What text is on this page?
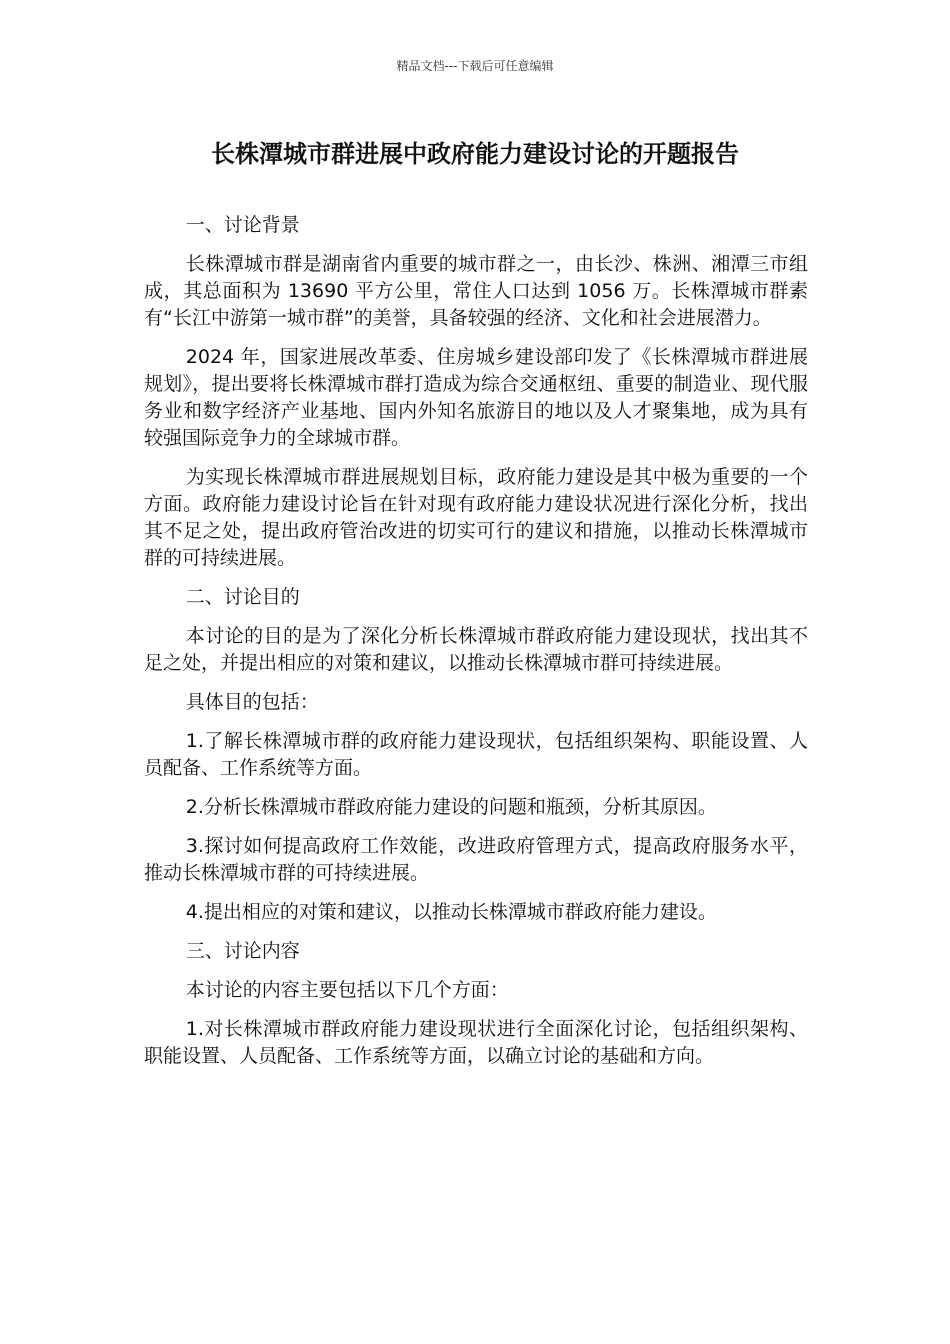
精品文档---下载后可任意编辑
长株潭城市群进展中政府能力建设讨论的开题报告

一、讨论背景

长株潭城市群是湖南省内重要的城市群之一，由长沙、株洲、湘潭三市组成，其总面积为 13690 平方公里，常住人口达到 1056 万。长株潭城市群素有“长江中游第一城市群”的美誉，具备较强的经济、文化和社会进展潜力。

2024 年，国家进展改革委、住房城乡建设部印发了《长株潭城市群进展规划》，提出要将长株潭城市群打造成为综合交通枢纽、重要的制造业、现代服务业和数字经济产业基地、国内外知名旅游目的地以及人才聚集地，成为具有较强国际竞争力的全球城市群。

为实现长株潭城市群进展规划目标，政府能力建设是其中极为重要的一个方面。政府能力建设讨论旨在针对现有政府能力建设状况进行深化分析，找出其不足之处，提出政府管治改进的切实可行的建议和措施，以推动长株潭城市群的可持续进展。

二、讨论目的

本讨论的目的是为了深化分析长株潭城市群政府能力建设现状，找出其不足之处，并提出相应的对策和建议，以推动长株潭城市群可持续进展。

具体目的包括：

1.了解长株潭城市群的政府能力建设现状，包括组织架构、职能设置、人员配备、工作系统等方面。

2.分析长株潭城市群政府能力建设的问题和瓶颈，分析其原因。

3.探讨如何提高政府工作效能，改进政府管理方式，提高政府服务水平，推动长株潭城市群的可持续进展。

4.提出相应的对策和建议，以推动长株潭城市群政府能力建设。

三、讨论内容

本讨论的内容主要包括以下几个方面：

1.对长株潭城市群政府能力建设现状进行全面深化讨论，包括组织架构、职能设置、人员配备、工作系统等方面，以确立讨论的基础和方向。
